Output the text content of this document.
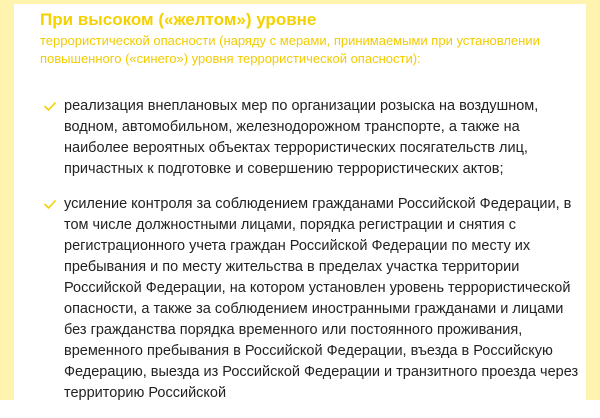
При высоком («желтом») уровне

террористической опасности (наряду с мерами, принимаемыми при установлении повышенного («синего») уровня террористической опасности):

реализация внеплановых мер по организации розыска на воздушном, водном, автомобильном, железнодорожном транспорте, а также на наиболее вероятных объектах террористических посягательств лиц, причастных к подготовке и совершению террористических актов;
усиление контроля за соблюдением гражданами Российской Федерации, в том числе должностными лицами, порядка регистрации и снятия с регистрационного учета граждан Российской Федерации по месту их пребывания и по месту жительства в пределах участка территории Российской Федерации, на котором установлен уровень террористической опасности, а также за соблюдением иностранными гражданами и лицами без гражданства порядка временного или постоянного проживания, временного пребывания в Российской Федерации, въезда в Российскую Федерацию, выезда из Российской Федерации и транзитного проезда через территорию Российской
